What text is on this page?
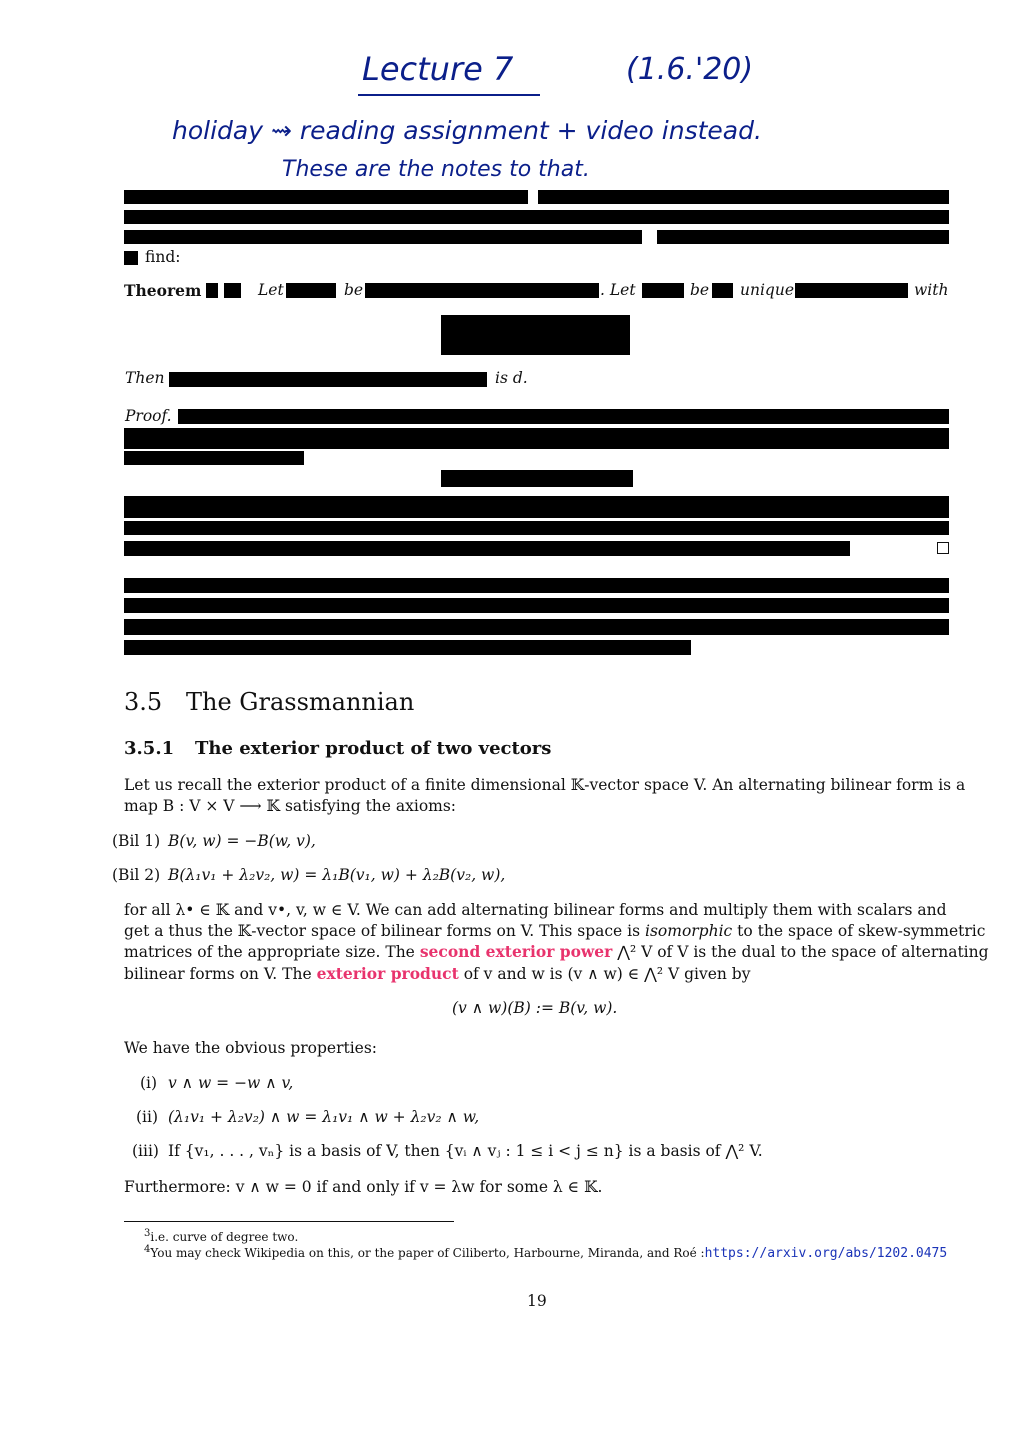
Lecture 7	(1.6.'20)
holiday ⇝ reading assignment + video instead.
These are the notes to that.
find:
Theorem	Let	be	. Let	be unique	with
Then	is d.
Proof.
3.5 The Grassmannian
3.5.1 The exterior product of two vectors
Let us recall the exterior product of a finite dimensional 𝕂-vector space V. An alternating bilinear form is a
map B : V × V ⟶ 𝕂 satisfying the axioms:
(Bil 1) B(v, w) = −B(w, v),
(Bil 2) B(λ₁v₁ + λ₂v₂, w) = λ₁B(v₁, w) + λ₂B(v₂, w),
for all λ• ∈ 𝕂 and v•, v, w ∈ V. We can add alternating bilinear forms and multiply them with scalars and
get a thus the 𝕂-vector space of bilinear forms on V. This space is isomorphic to the space of skew-symmetric
matrices of the appropriate size. The second exterior power ⋀² V of V is the dual to the space of alternating
bilinear forms on V. The exterior product of v and w is (v ∧ w) ∈ ⋀² V given by
(v ∧ w)(B) := B(v, w).
We have the obvious properties:
(i) v ∧ w = −w ∧ v,
(ii) (λ₁v₁ + λ₂v₂) ∧ w = λ₁v₁ ∧ w + λ₂v₂ ∧ w,
(iii) If {v₁, . . . , vₙ} is a basis of V, then {vᵢ ∧ vⱼ : 1 ≤ i < j ≤ n} is a basis of ⋀² V.
Furthermore: v ∧ w = 0 if and only if v = λw for some λ ∈ 𝕂.
$^3$i.e. curve of degree two.
$^4$You may check Wikipedia on this, or the paper of Ciliberto, Harbourne, Miranda, and Roé :https://arxiv.org/abs/1202.0475
19
